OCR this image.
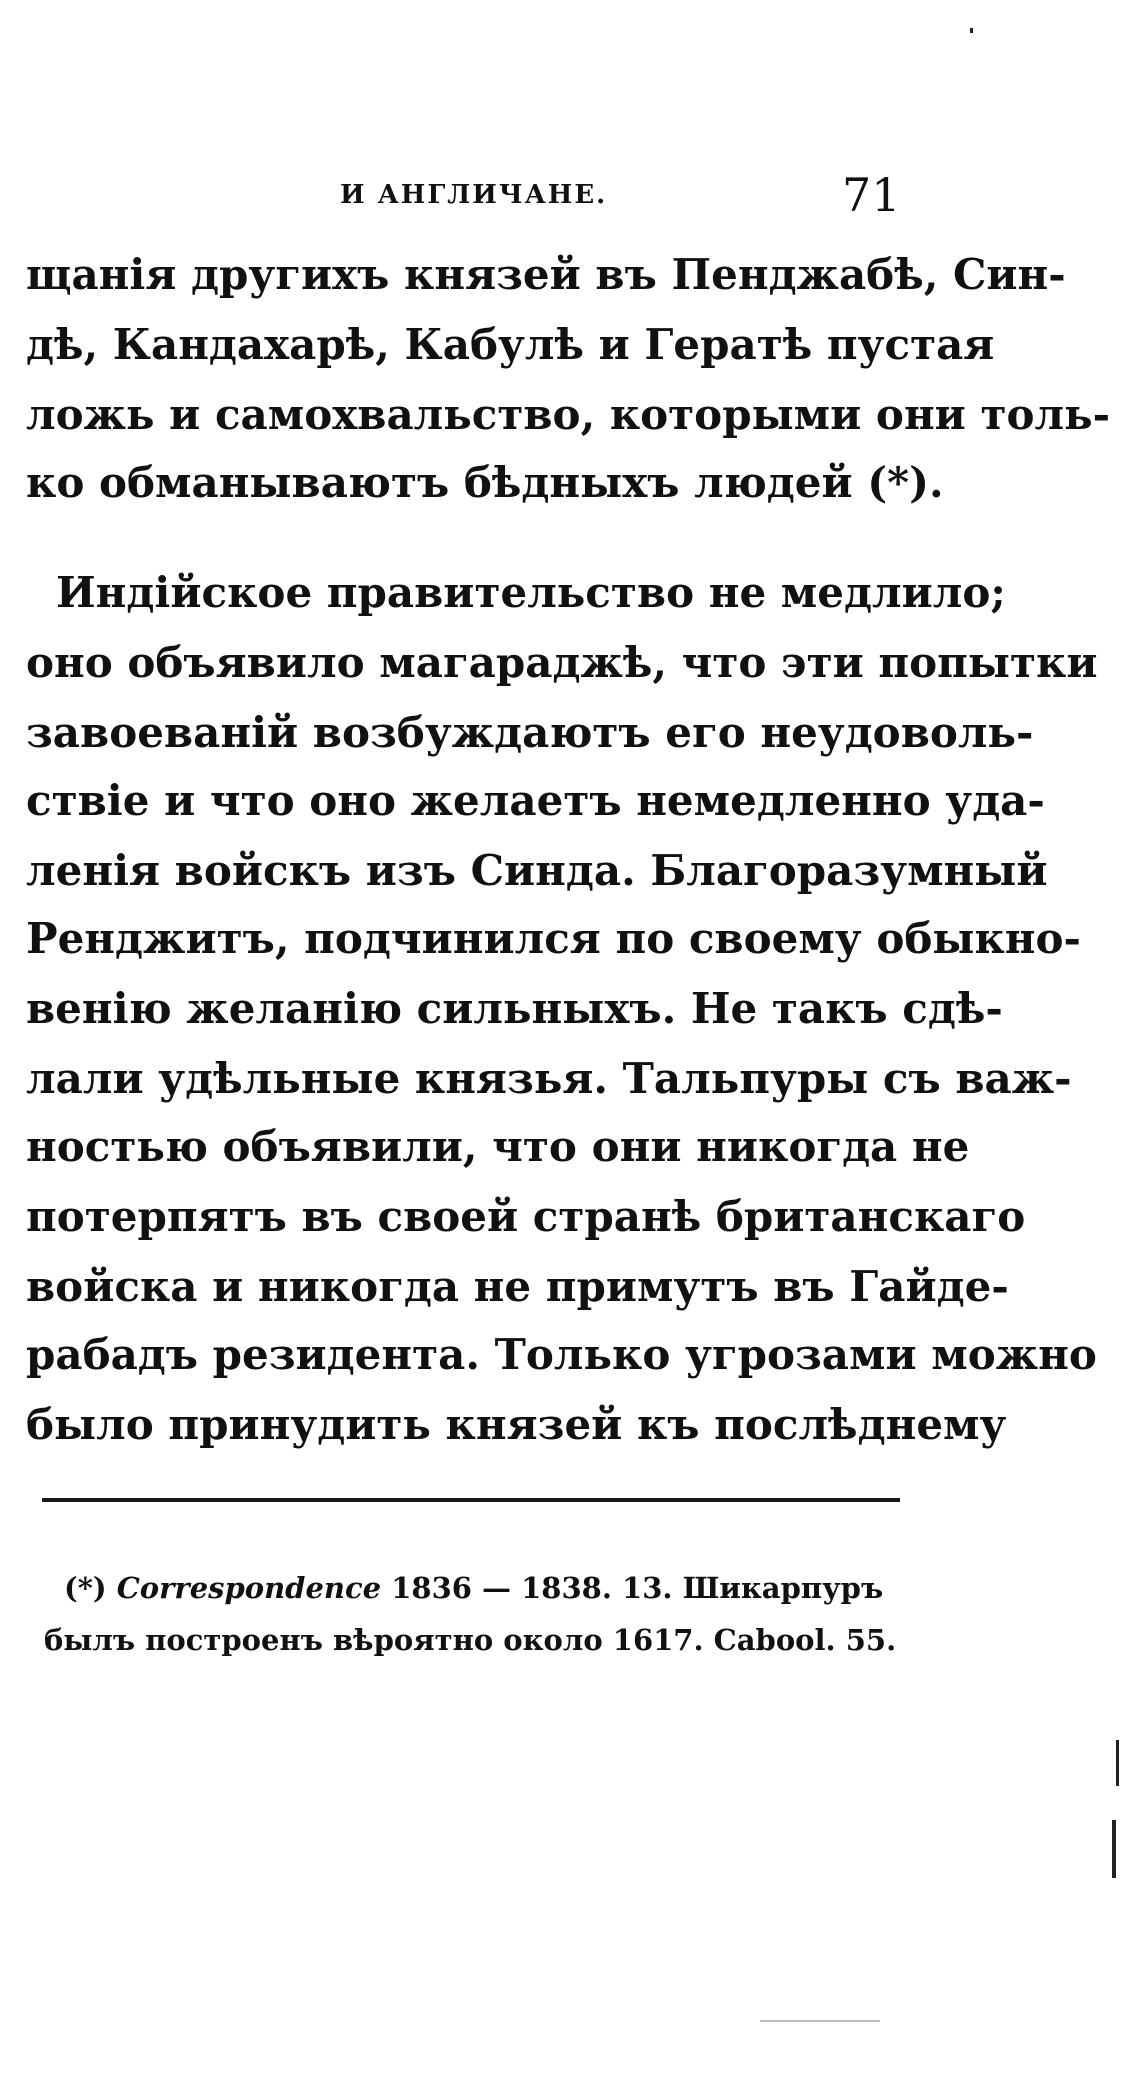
И АНГЛИЧАНЕ.	71
щанія другихъ князей въ Пенджабѣ, Син-
дѣ, Кандахарѣ, Кабулѣ и Гератѣ пустая
ложь и самохвальство, которыми они толь-
ко обманываютъ бѣдныхъ людей (*).
Индійское правительство не медлило;
оно объявило магараджѣ, что эти попытки
завоеваній возбуждаютъ его неудоволь-
ствіе и что оно желаетъ немедленно уда-
ленія войскъ изъ Синда. Благоразумный
Ренджитъ, подчинился по своему обыкно-
венію желанію сильныхъ. Не такъ сдѣ-
лали удѣльные князья. Тальпуры съ важ-
ностью объявили, что они никогда не
потерпятъ въ своей странѣ британскаго
войска и никогда не примутъ въ Гайде-
рабадъ резидента. Только угрозами можно
было принудить князей къ послѣднему
(*) Correspondence 1836 — 1838. 13. Шикарпуръ
былъ построенъ вѣроятно около 1617. Cabool. 55.
